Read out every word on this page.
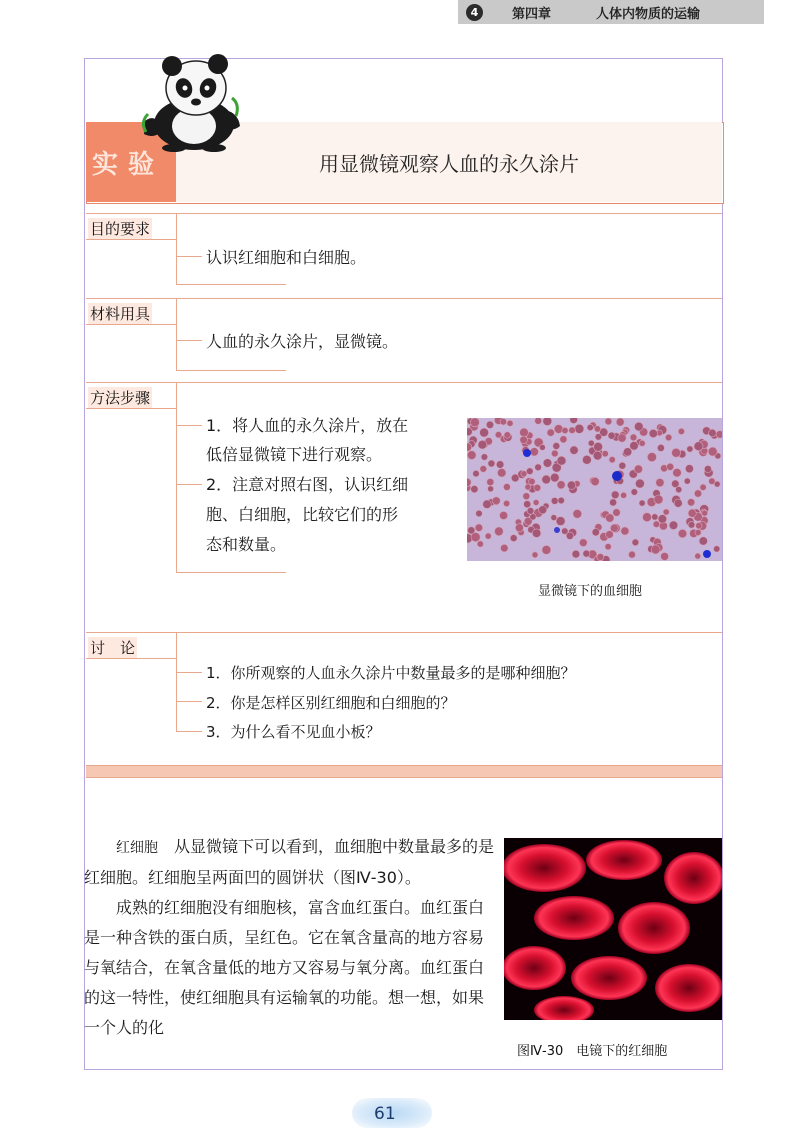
4	第四章	人体内物质的运输
实验	用显微镜观察人血的永久涂片
目的要求
认识红细胞和白细胞。
材料用具
人血的永久涂片，显微镜。
方法步骤
1．将人血的永久涂片，放在
低倍显微镜下进行观察。
2．注意对照右图，认识红细
胞、白细胞，比较它们的形
态和数量。
显微镜下的血细胞
讨　论
1．你所观察的人血永久涂片中数量最多的是哪种细胞？
2．你是怎样区别红细胞和白细胞的？
3．为什么看不见血小板？

红细胞　从显微镜下可以看到，血细胞中数量最多的是红细胞。红细胞呈两面凹的圆饼状（图Ⅳ-30）。

成熟的红细胞没有细胞核，富含血红蛋白。血红蛋白是一种含铁的蛋白质，呈红色。它在氧含量高的地方容易与氧结合，在氧含量低的地方又容易与氧分离。血红蛋白的这一特性，使红细胞具有运输氧的功能。想一想，如果一个人的化

图Ⅳ-30　电镜下的红细胞
61
